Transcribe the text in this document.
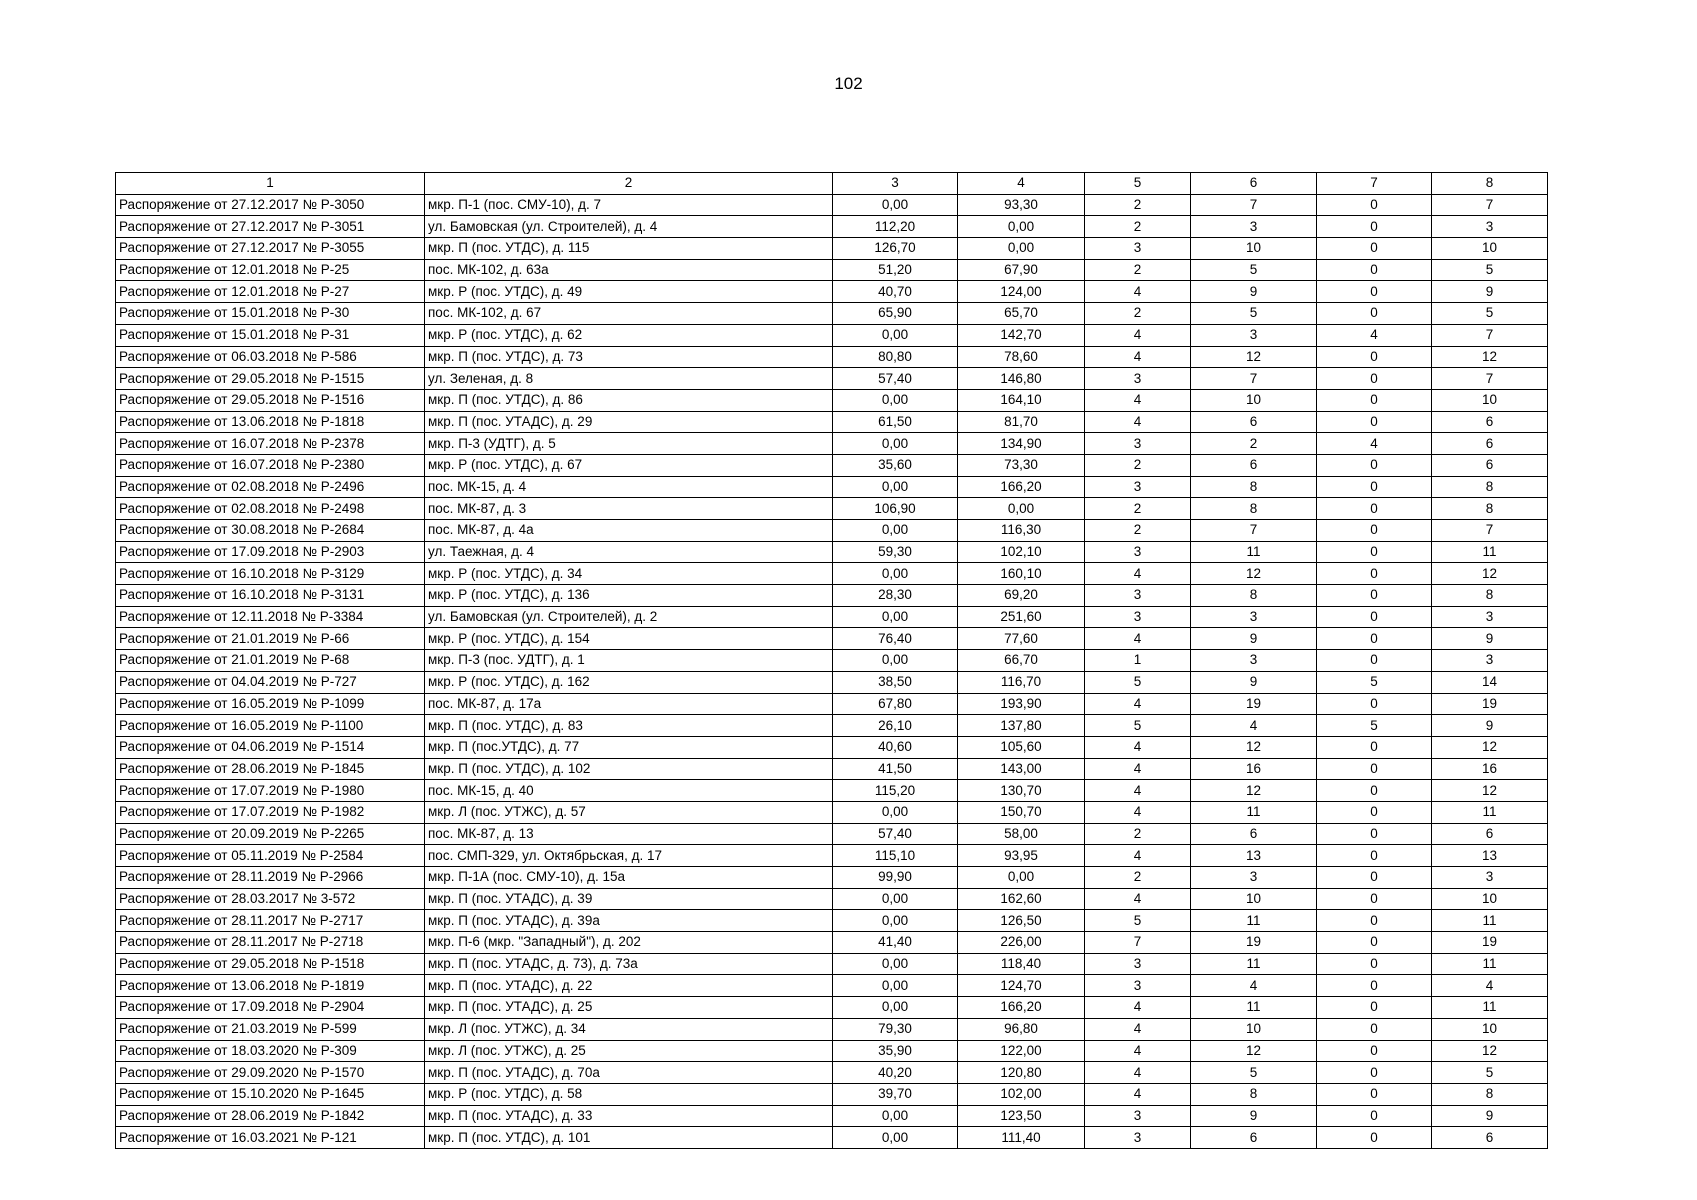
102
1	2	3	4	5	6	7	8
Распоряжение от 27.12.2017 № Р-3050	мкр. П-1 (пос. СМУ-10), д. 7	0,00	93,30	2	7	0	7
Распоряжение от 27.12.2017 № Р-3051	ул. Бамовская (ул. Строителей), д. 4	112,20	0,00	2	3	0	3
Распоряжение от 27.12.2017 № Р-3055	мкр. П (пос. УТДС), д. 115	126,70	0,00	3	10	0	10
Распоряжение от 12.01.2018 № Р-25	пос. МК-102, д. 63а	51,20	67,90	2	5	0	5
Распоряжение от 12.01.2018 № Р-27	мкр. Р (пос. УТДС), д. 49	40,70	124,00	4	9	0	9
Распоряжение от 15.01.2018 № Р-30	пос. МК-102, д. 67	65,90	65,70	2	5	0	5
Распоряжение от 15.01.2018 № Р-31	мкр. Р (пос. УТДС), д. 62	0,00	142,70	4	3	4	7
Распоряжение от 06.03.2018 № Р-586	мкр. П (пос. УТДС), д. 73	80,80	78,60	4	12	0	12
Распоряжение от 29.05.2018 № Р-1515	ул. Зеленая, д. 8	57,40	146,80	3	7	0	7
Распоряжение от 29.05.2018 № Р-1516	мкр. П (пос. УТДС), д. 86	0,00	164,10	4	10	0	10
Распоряжение от 13.06.2018 № Р-1818	мкр. П (пос. УТАДС), д. 29	61,50	81,70	4	6	0	6
Распоряжение от 16.07.2018 № Р-2378	мкр. П-3 (УДТГ), д. 5	0,00	134,90	3	2	4	6
Распоряжение от 16.07.2018 № Р-2380	мкр. Р (пос. УТДС), д. 67	35,60	73,30	2	6	0	6
Распоряжение от 02.08.2018 № Р-2496	пос. МК-15, д. 4	0,00	166,20	3	8	0	8
Распоряжение от 02.08.2018 № Р-2498	пос. МК-87, д. 3	106,90	0,00	2	8	0	8
Распоряжение от 30.08.2018 № Р-2684	пос. МК-87, д. 4а	0,00	116,30	2	7	0	7
Распоряжение от 17.09.2018 № Р-2903	ул. Таежная, д. 4	59,30	102,10	3	11	0	11
Распоряжение от 16.10.2018 № Р-3129	мкр. Р (пос. УТДС), д. 34	0,00	160,10	4	12	0	12
Распоряжение от 16.10.2018 № Р-3131	мкр. Р (пос. УТДС), д. 136	28,30	69,20	3	8	0	8
Распоряжение от 12.11.2018 № Р-3384	ул. Бамовская (ул. Строителей), д. 2	0,00	251,60	3	3	0	3
Распоряжение от 21.01.2019 № Р-66	мкр. Р (пос. УТДС), д. 154	76,40	77,60	4	9	0	9
Распоряжение от 21.01.2019 № Р-68	мкр. П-3 (пос. УДТГ), д. 1	0,00	66,70	1	3	0	3
Распоряжение от 04.04.2019 № Р-727	мкр. Р (пос. УТДС), д. 162	38,50	116,70	5	9	5	14
Распоряжение от 16.05.2019 № Р-1099	пос. МК-87, д. 17а	67,80	193,90	4	19	0	19
Распоряжение от 16.05.2019 № Р-1100	мкр. П (пос. УТДС), д. 83	26,10	137,80	5	4	5	9
Распоряжение от 04.06.2019 № Р-1514	мкр. П (пос.УТДС), д. 77	40,60	105,60	4	12	0	12
Распоряжение от 28.06.2019 № Р-1845	мкр. П (пос. УТДС), д. 102	41,50	143,00	4	16	0	16
Распоряжение от 17.07.2019 № Р-1980	пос. МК-15, д. 40	115,20	130,70	4	12	0	12
Распоряжение от 17.07.2019 № Р-1982	мкр. Л (пос. УТЖС), д. 57	0,00	150,70	4	11	0	11
Распоряжение от 20.09.2019 № Р-2265	пос. МК-87, д. 13	57,40	58,00	2	6	0	6
Распоряжение от 05.11.2019 № Р-2584	пос. СМП-329, ул. Октябрьская, д. 17	115,10	93,95	4	13	0	13
Распоряжение от 28.11.2019 № Р-2966	мкр. П-1А (пос. СМУ-10), д. 15а	99,90	0,00	2	3	0	3
Распоряжение от 28.03.2017 № 3-572	мкр. П (пос. УТАДС), д. 39	0,00	162,60	4	10	0	10
Распоряжение от 28.11.2017 № Р-2717	мкр. П (пос. УТАДС), д. 39а	0,00	126,50	5	11	0	11
Распоряжение от 28.11.2017 № Р-2718	мкр. П-6 (мкр. "Западный"), д. 202	41,40	226,00	7	19	0	19
Распоряжение от 29.05.2018 № Р-1518	мкр. П (пос. УТАДС, д. 73), д. 73а	0,00	118,40	3	11	0	11
Распоряжение от 13.06.2018 № Р-1819	мкр. П (пос. УТАДС), д. 22	0,00	124,70	3	4	0	4
Распоряжение от 17.09.2018 № Р-2904	мкр. П (пос. УТАДС), д. 25	0,00	166,20	4	11	0	11
Распоряжение от 21.03.2019 № Р-599	мкр. Л (пос. УТЖС), д. 34	79,30	96,80	4	10	0	10
Распоряжение от 18.03.2020 № Р-309	мкр. Л (пос. УТЖС), д. 25	35,90	122,00	4	12	0	12
Распоряжение от 29.09.2020 № Р-1570	мкр. П (пос. УТАДС), д. 70а	40,20	120,80	4	5	0	5
Распоряжение от 15.10.2020 № Р-1645	мкр. Р (пос. УТДС), д. 58	39,70	102,00	4	8	0	8
Распоряжение от 28.06.2019 № Р-1842	мкр. П (пос. УТАДС), д. 33	0,00	123,50	3	9	0	9
Распоряжение от 16.03.2021 № Р-121	мкр. П (пос. УТДС), д. 101	0,00	111,40	3	6	0	6
